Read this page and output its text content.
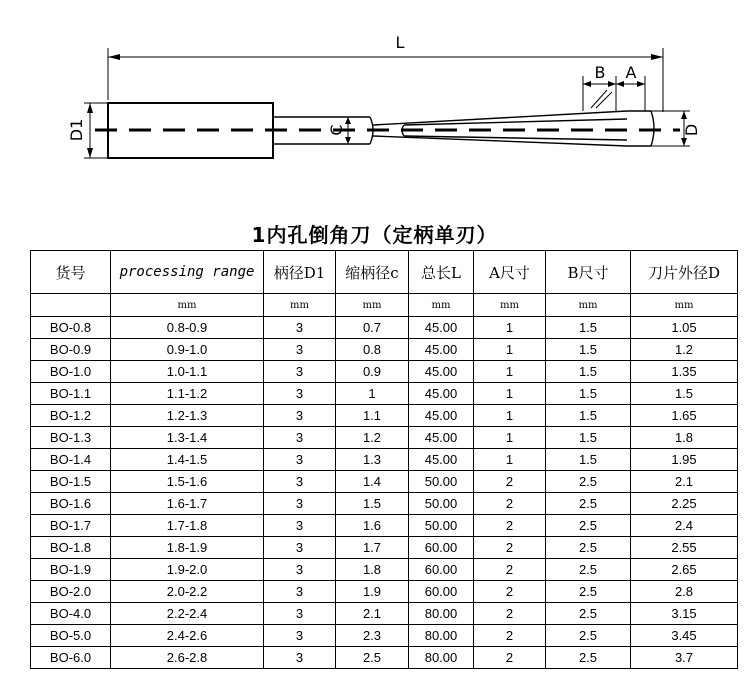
L
B A
D1	C	D
1内孔倒角刀（定柄单刃）
货号	processing range	柄径D1	缩柄径c	总长L	A尺寸	B尺寸	刀片外径D
	mm	mm	mm	mm	mm	mm	mm
BO-0.8	0.8-0.9	3	0.7	45.00	1	1.5	1.05
BO-0.9	0.9-1.0	3	0.8	45.00	1	1.5	1.2
BO-1.0	1.0-1.1	3	0.9	45.00	1	1.5	1.35
BO-1.1	1.1-1.2	3	1	45.00	1	1.5	1.5
BO-1.2	1.2-1.3	3	1.1	45.00	1	1.5	1.65
BO-1.3	1.3-1.4	3	1.2	45.00	1	1.5	1.8
BO-1.4	1.4-1.5	3	1.3	45.00	1	1.5	1.95
BO-1.5	1.5-1.6	3	1.4	50.00	2	2.5	2.1
BO-1.6	1.6-1.7	3	1.5	50.00	2	2.5	2.25
BO-1.7	1.7-1.8	3	1.6	50.00	2	2.5	2.4
BO-1.8	1.8-1.9	3	1.7	60.00	2	2.5	2.55
BO-1.9	1.9-2.0	3	1.8	60.00	2	2.5	2.65
BO-2.0	2.0-2.2	3	1.9	60.00	2	2.5	2.8
BO-4.0	2.2-2.4	3	2.1	80.00	2	2.5	3.15
BO-5.0	2.4-2.6	3	2.3	80.00	2	2.5	3.45
BO-6.0	2.6-2.8	3	2.5	80.00	2	2.5	3.7
